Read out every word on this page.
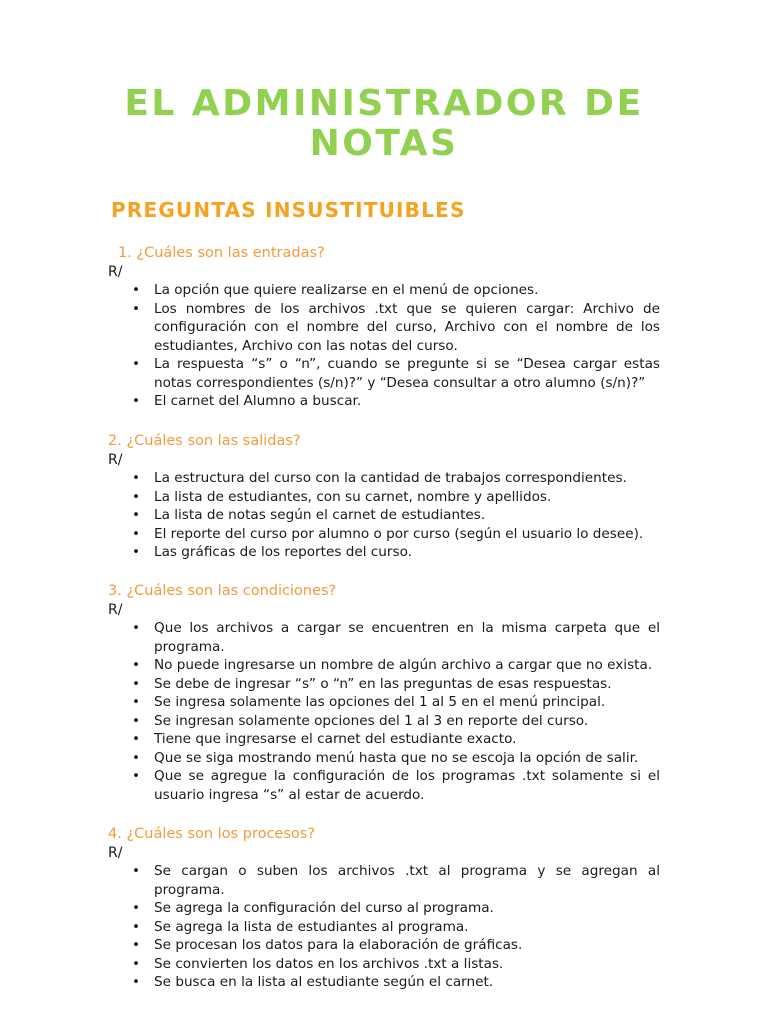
EL ADMINISTRADOR DE
NOTAS
PREGUNTAS INSUSTITUIBLES

1. ¿Cuáles son las entradas?

R/

• La opción que quiere realizarse en el menú de opciones.
• Los nombres de los archivos .txt que se quieren cargar: Archivo de configuración con el nombre del curso, Archivo con el nombre de los estudiantes, Archivo con las notas del curso.
• La respuesta “s” o “n”, cuando se pregunte si se “Desea cargar estas notas correspondientes (s/n)?” y “Desea consultar a otro alumno (s/n)?”
• El carnet del Alumno a buscar.

2. ¿Cuáles son las salidas?

R/

• La estructura del curso con la cantidad de trabajos correspondientes.
• La lista de estudiantes, con su carnet, nombre y apellidos.
• La lista de notas según el carnet de estudiantes.
• El reporte del curso por alumno o por curso (según el usuario lo desee).
• Las gráficas de los reportes del curso.

3. ¿Cuáles son las condiciones?

R/

• Que los archivos a cargar se encuentren en la misma carpeta que el programa.
• No puede ingresarse un nombre de algún archivo a cargar que no exista.
• Se debe de ingresar “s” o “n” en las preguntas de esas respuestas.
• Se ingresa solamente las opciones del 1 al 5 en el menú principal.
• Se ingresan solamente opciones del 1 al 3 en reporte del curso.
• Tiene que ingresarse el carnet del estudiante exacto.
• Que se siga mostrando menú hasta que no se escoja la opción de salir.
• Que se agregue la configuración de los programas .txt solamente si el usuario ingresa “s” al estar de acuerdo.

4. ¿Cuáles son los procesos?

R/

• Se cargan o suben los archivos .txt al programa y se agregan al programa.
• Se agrega la configuración del curso al programa.
• Se agrega la lista de estudiantes al programa.
• Se procesan los datos para la elaboración de gráficas.
• Se convierten los datos en los archivos .txt a listas.
• Se busca en la lista al estudiante según el carnet.
